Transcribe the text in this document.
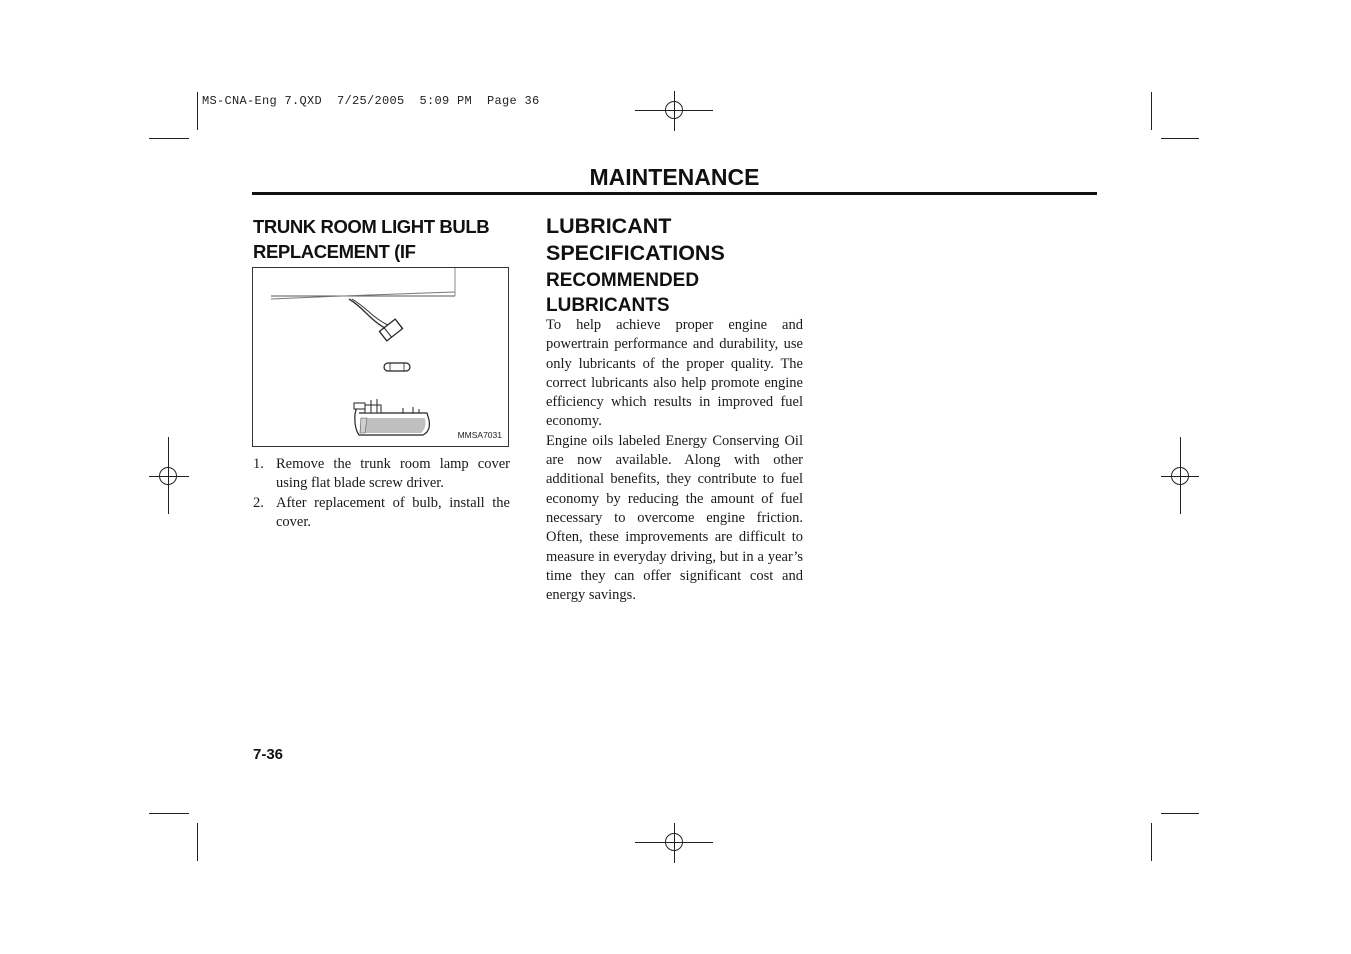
MS-CNA-Eng 7.QXD  7/25/2005  5:09 PM  Page 36
MAINTENANCE
TRUNK ROOM LIGHT BULB
REPLACEMENT (IF
MMSA7031
1. Remove the trunk room lamp cover using flat blade screw driver.
2. After replacement of bulb, install the cover.
LUBRICANT
SPECIFICATIONS
RECOMMENDED
LUBRICANTS

To help achieve proper engine and powertrain performance and durability, use only lubricants of the proper quality. The correct lubricants also help promote engine efficiency which results in improved fuel economy.

Engine oils labeled Energy Conserving Oil are now available. Along with other additional benefits, they contribute to fuel economy by reducing the amount of fuel necessary to overcome engine friction. Often, these improvements are difficult to measure in everyday driving, but in a year’s time they can offer significant cost and energy savings.

7-36
